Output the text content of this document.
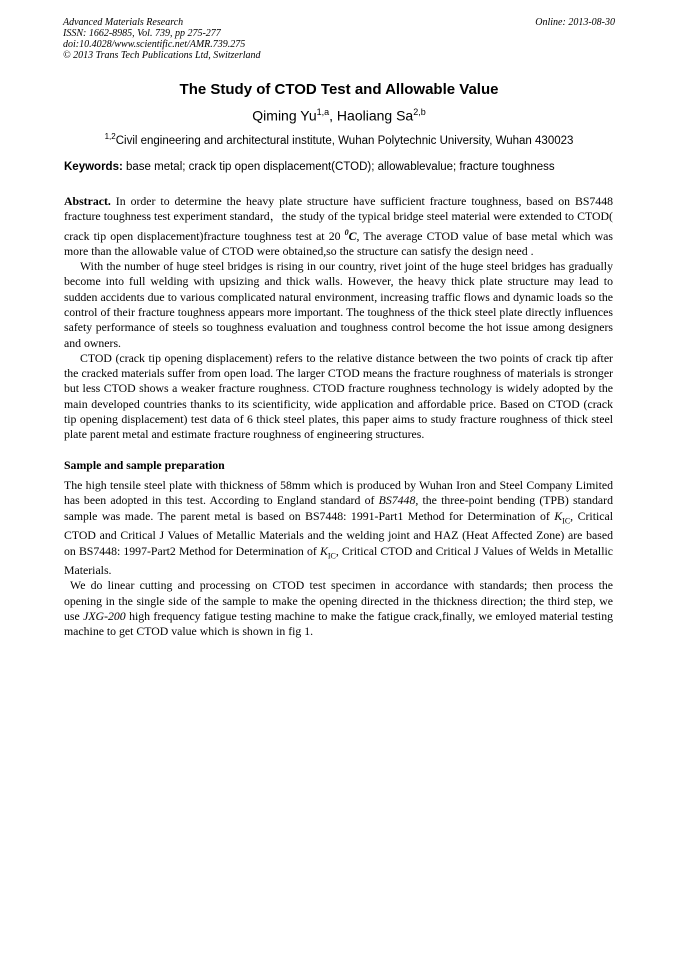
Advanced Materials Research
ISSN: 1662-8985, Vol. 739, pp 275-277
doi:10.4028/www.scientific.net/AMR.739.275
© 2013 Trans Tech Publications Ltd, Switzerland
Online: 2013-08-30
The Study of CTOD Test and Allowable Value
Qiming Yu$^{1,a}$, Haoliang Sa$^{2,b}$
$^{1,2}$Civil engineering and architectural institute, Wuhan Polytechnic University, Wuhan 430023
Keywords: base metal; crack tip open displacement(CTOD); allowablevalue; fracture toughness

Abstract. In order to determine the heavy plate structure have sufficient fracture toughness, based on BS7448 fracture toughness test experiment standard，the study of the typical bridge steel material were extended to CTOD( crack tip open displacement)fracture toughness test at 20 $^0$C, The average CTOD value of base metal which was more than the allowable value of CTOD were obtained,so the structure can satisfy the design need .

With the number of huge steel bridges is rising in our country, rivet joint of the huge steel bridges has gradually become into full welding with upsizing and thick walls. However, the heavy thick plate structure may lead to sudden accidents due to various complicated natural environment, increasing traffic flows and dynamic loads so the control of their fracture toughness appears more important. The toughness of the thick steel plate directly influences safety performance of steels so toughness evaluation and toughness control become the hot issue among designers and owners.

CTOD (crack tip opening displacement) refers to the relative distance between the two points of crack tip after the cracked materials suffer from open load. The larger CTOD means the fracture roughness of materials is stronger but less CTOD shows a weaker fracture roughness. CTOD fracture roughness technology is widely adopted by the main developed countries thanks to its scientificity, wide application and affordable price. Based on CTOD (crack tip opening displacement) test data of 6 thick steel plates, this paper aims to study fracture roughness of thick steel plate parent metal and estimate fracture roughness of engineering structures.

Sample and sample preparation

The high tensile steel plate with thickness of 58mm which is produced by Wuhan Iron and Steel Company Limited has been adopted in this test. According to England standard of BS7448, the three-point bending (TPB) standard sample was made. The parent metal is based on BS7448: 1991-Part1 Method for Determination of $K_{IC}$, Critical CTOD and Critical J Values of Metallic Materials and the welding joint and HAZ (Heat Affected Zone) are based on BS7448: 1997-Part2 Method for Determination of $K_{IC}$, Critical CTOD and Critical J Values of Welds in Metallic Materials.

We do linear cutting and processing on CTOD test specimen in accordance with standards; then process the opening in the single side of the sample to make the opening directed in the thickness direction; the third step, we use JXG-200 high frequency fatigue testing machine to make the fatigue crack,finally, we emloyed material testing machine to get CTOD value which is shown in fig 1.
